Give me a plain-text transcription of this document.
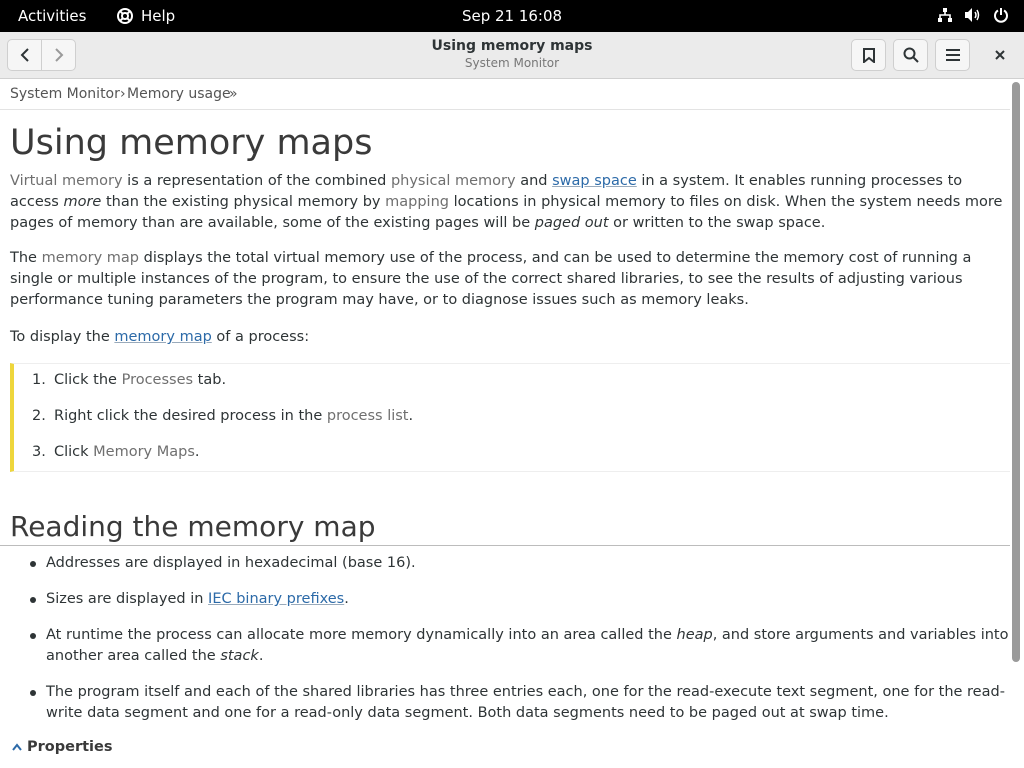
Activities	Help	Sep 21 16:08
Using memory maps
System Monitor
System Monitor › Memory usage
»
Using memory maps

Virtual memory is a representation of the combined physical memory and swap space in a system. It enables running processes to access more than the existing physical memory by mapping locations in physical memory to files on disk. When the system needs more pages of memory than are available, some of the existing pages will be paged out or written to the swap space.

The memory map displays the total virtual memory use of the process, and can be used to determine the memory cost of running a single or multiple instances of the program, to ensure the use of the correct shared libraries, to see the results of adjusting various performance tuning parameters the program may have, or to diagnose issues such as memory leaks.

To display the memory map of a process:

1. Click the Processes tab.
2. Right click the desired process in the process list.
3. Click Memory Maps.
Reading the memory map
Addresses are displayed in hexadecimal (base 16).
Sizes are displayed in IEC binary prefixes.
At runtime the process can allocate more memory dynamically into an area called the heap, and store arguments and variables into another area called the stack.
The program itself and each of the shared libraries has three entries each, one for the read-execute text segment, one for the read-write data segment and one for a read-only data segment. Both data segments need to be paged out at swap time.
Properties
